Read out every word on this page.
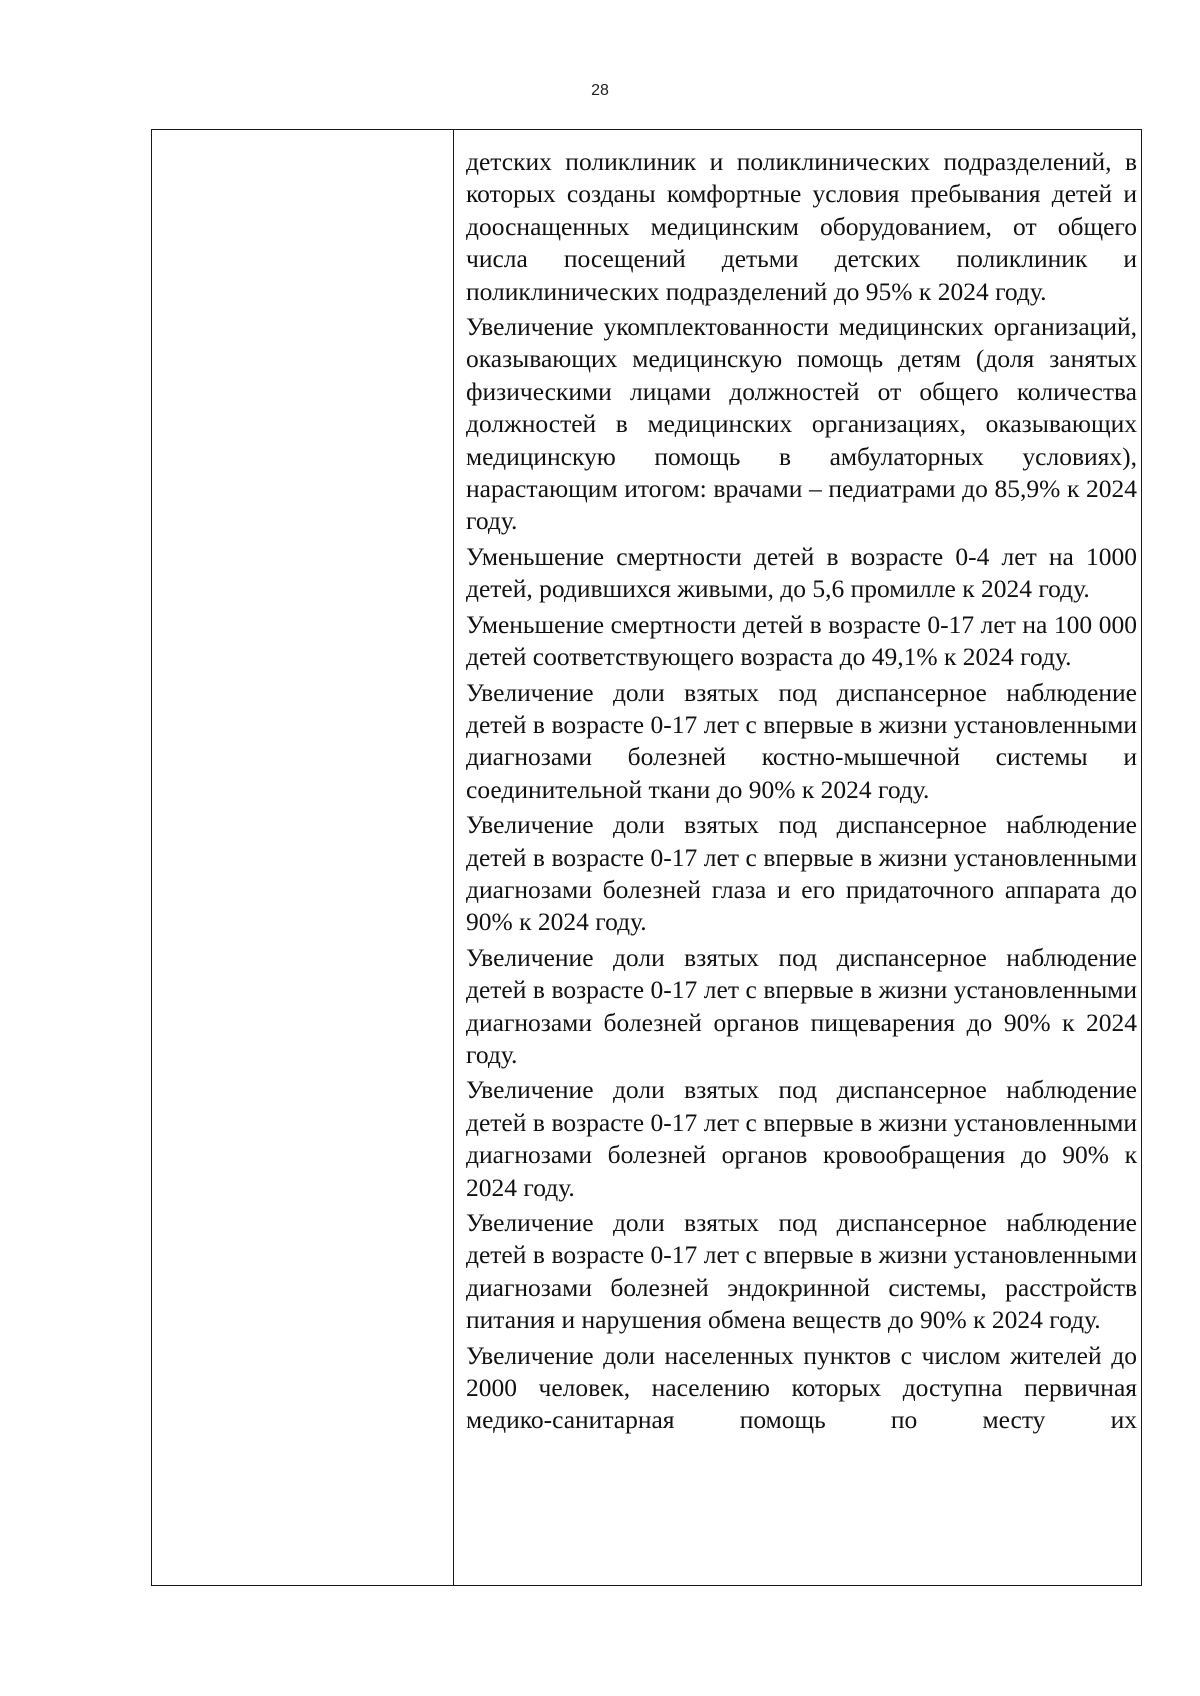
28

детских поликлиник и поликлинических подразделений, в которых созданы комфортные условия пребывания детей и дооснащенных медицинским оборудованием, от общего числа посещений детьми детских поликлиник и поликлинических подразделений до 95% к 2024 году.

Увеличение укомплектованности медицинских организаций, оказывающих медицинскую помощь детям (доля занятых физическими лицами должностей от общего количества должностей в медицинских организациях, оказывающих медицинскую помощь в амбулаторных условиях), нарастающим итогом: врачами – педиатрами до 85,9% к 2024 году.

Уменьшение смертности детей в возрасте 0-4 лет на 1000 детей, родившихся живыми, до 5,6 промилле к 2024 году.

Уменьшение смертности детей в возрасте 0-17 лет на 100 000 детей соответствующего возраста до 49,1% к 2024 году.

Увеличение доли взятых под диспансерное наблюдение детей в возрасте 0-17 лет с впервые в жизни установленными диагнозами болезней костно-мышечной системы и соединительной ткани до 90% к 2024 году.

Увеличение доли взятых под диспансерное наблюдение детей в возрасте 0-17 лет с впервые в жизни установленными диагнозами болезней глаза и его придаточного аппарата до 90% к 2024 году.

Увеличение доли взятых под диспансерное наблюдение детей в возрасте 0-17 лет с впервые в жизни установленными диагнозами болезней органов пищеварения до 90% к 2024 году.

Увеличение доли взятых под диспансерное наблюдение детей в возрасте 0-17 лет с впервые в жизни установленными диагнозами болезней органов кровообращения до 90% к 2024 году.

Увеличение доли взятых под диспансерное наблюдение детей в возрасте 0-17 лет с впервые в жизни установленными диагнозами болезней эндокринной системы, расстройств питания и нарушения обмена веществ до 90% к 2024 году.

Увеличение доли населенных пунктов с числом жителей до 2000 человек, населению которых доступна первичная медико-санитарная помощь по месту их
